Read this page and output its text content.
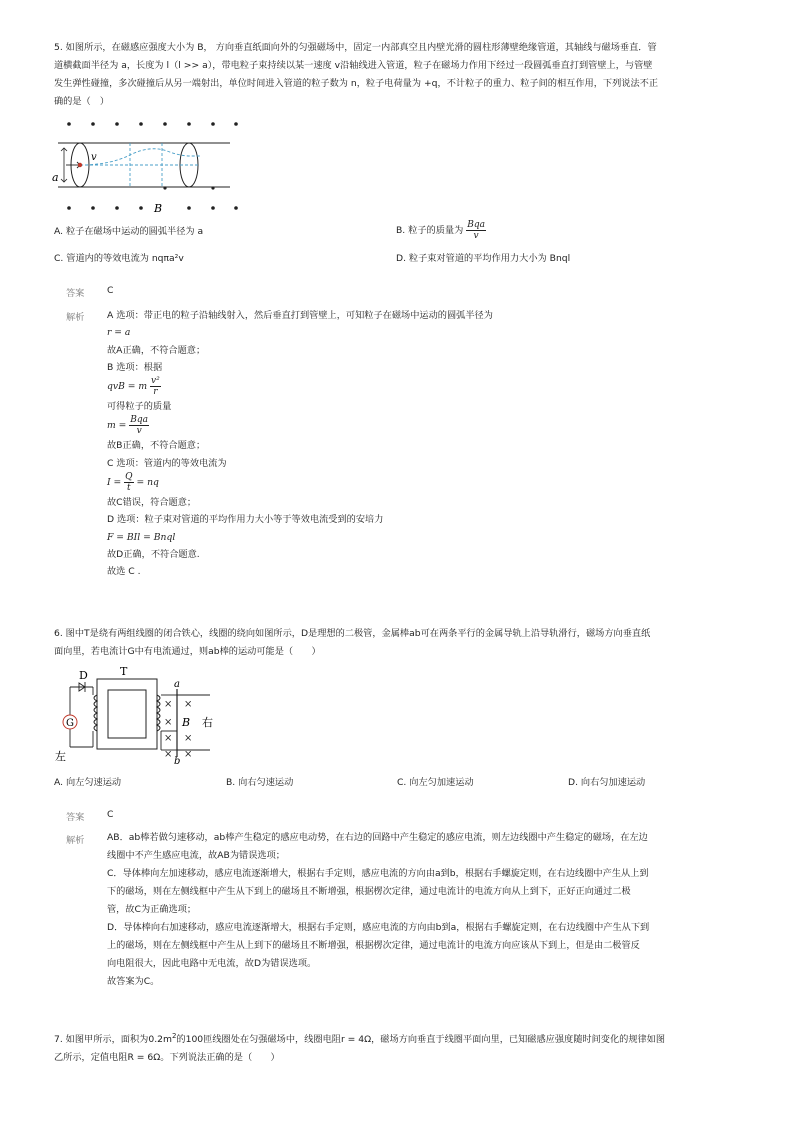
5. 如图所示，在磁感应强度大小为 B， 方向垂直纸面向外的匀强磁场中，固定一内部真空且内壁光滑的圆柱形薄壁绝缘管道，其轴线与磁场垂直．管
道横截面半径为 a，长度为 l（l >> a），带电粒子束持续以某一速度 v沿轴线进入管道，粒子在磁场力作用下经过一段圆弧垂直打到管壁上，与管壁
发生弹性碰撞，多次碰撞后从另一端射出，单位时间进入管道的粒子数为 n，粒子电荷量为 +q，不计粒子的重力、粒子间的相互作用，下列说法不正
确的是（　）
a
v
B
A. 粒子在磁场中运动的圆弧半径为 a	B. 粒子的质量为 $\frac{\text{Bqa}}{v}$
C. 管道内的等效电流为 nqπa²v	D. 粒子束对管道的平均作用力大小为 Bnql
答案 C
解析 A 选项：带正电的粒子沿轴线射入，然后垂直打到管壁上，可知粒子在磁场中运动的圆弧半径为
r = a
故A正确，不符合题意；
B 选项：根据
qvB = m $\frac{\text{v²}}{r}$
可得粒子的质量
$m = \frac{\text{Bqa}}{v}$
故B正确，不符合题意；
C 选项：管道内的等效电流为
$I = \frac{Q}{t}$ = nq
故C错误，符合题意；
D 选项：粒子束对管道的平均作用力大小等于等效电流受到的安培力
F = BIl = Bnql
故D正确，不符合题意.
故选 C .
6. 图中T是绕有两组线圈的闭合铁心，线圈的绕向如图所示，D是理想的二极管，金属棒ab可在两条平行的金属导轨上沿导轨滑行，磁场方向垂直纸
面向里，若电流计G中有电流通过，则ab棒的运动可能是（　　）
T
D
G
左
a
b
× ×
×
× ×
× ×
B 右
A. 向左匀速运动	B. 向右匀速运动	C. 向左匀加速运动	D. 向右匀加速运动
答案 C
解析 AB．ab棒若做匀速移动，ab棒产生稳定的感应电动势，在右边的回路中产生稳定的感应电流，则左边线圈中产生稳定的磁场，在左边
线圈中不产生感应电流，故AB为错误选项；
C．导体棒向左加速移动，感应电流逐渐增大，根据右手定则，感应电流的方向由a到b，根据右手螺旋定则，在右边线圈中产生从上到
下的磁场，则在左侧线框中产生从下到上的磁场且不断增强，根据楞次定律，通过电流计的电流方向从上到下，正好正向通过二极
管，故C为正确选项；
D．导体棒向右加速移动，感应电流逐渐增大，根据右手定则，感应电流的方向由b到a，根据右手螺旋定则，在右边线圈中产生从下到
上的磁场，则在左侧线框中产生从上到下的磁场且不断增强，根据楞次定律，通过电流计的电流方向应该从下到上，但是由二极管反
向电阻很大，因此电路中无电流，故D为错误选项。
故答案为C。
7. 如图甲所示，面积为$0.2m^2$的100匝线圈处在匀强磁场中，线圈电阻r = 4Ω，磁场方向垂直于线圈平面向里，已知磁感应强度随时间变化的规律如图
乙所示，定值电阻R = 6Ω。下列说法正确的是（　　）
